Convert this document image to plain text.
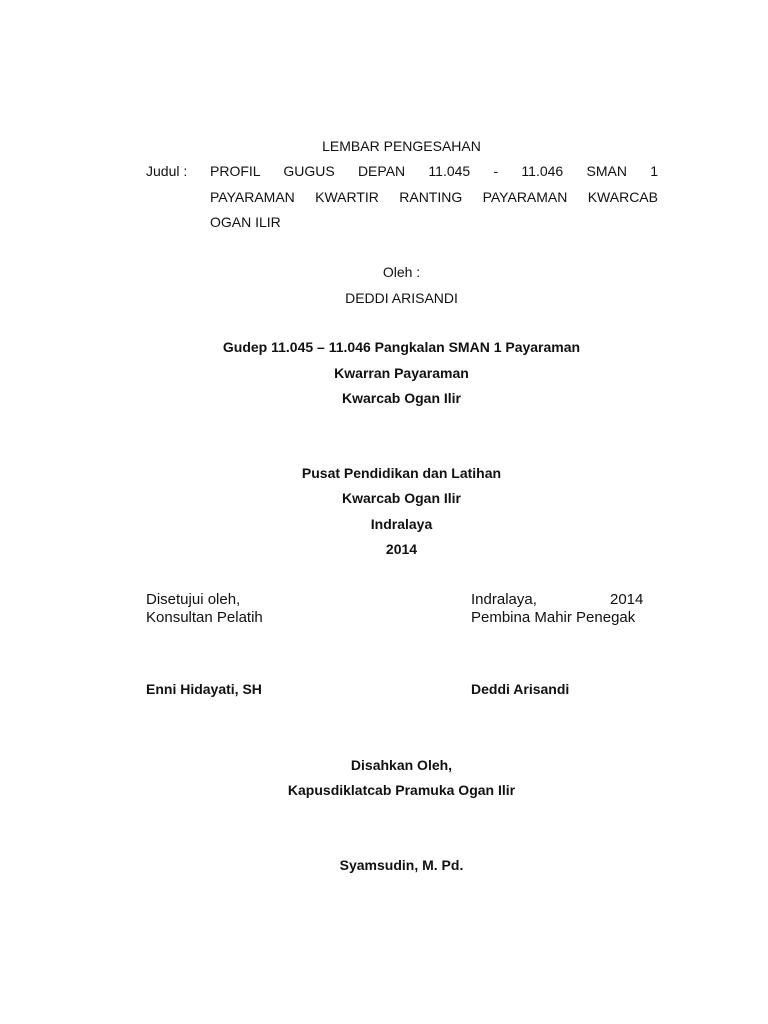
LEMBAR PENGESAHAN
Judul : PROFIL GUGUS DEPAN 11.045 - 11.046 SMAN 1
PAYARAMAN KWARTIR RANTING PAYARAMAN KWARCAB
OGAN ILIR
Oleh :
DEDDI ARISANDI
Gudep 11.045 – 11.046 Pangkalan SMAN 1 Payaraman
Kwarran Payaraman
Kwarcab Ogan Ilir
Pusat Pendidikan dan Latihan
Kwarcab Ogan Ilir
Indralaya
2014
Disetujui oleh,
Konsultan Pelatih
Enni Hidayati, SH
Indralaya,	2014
Pembina Mahir Penegak
Deddi Arisandi
Disahkan Oleh,
Kapusdiklatcab Pramuka Ogan Ilir
Syamsudin, M. Pd.
